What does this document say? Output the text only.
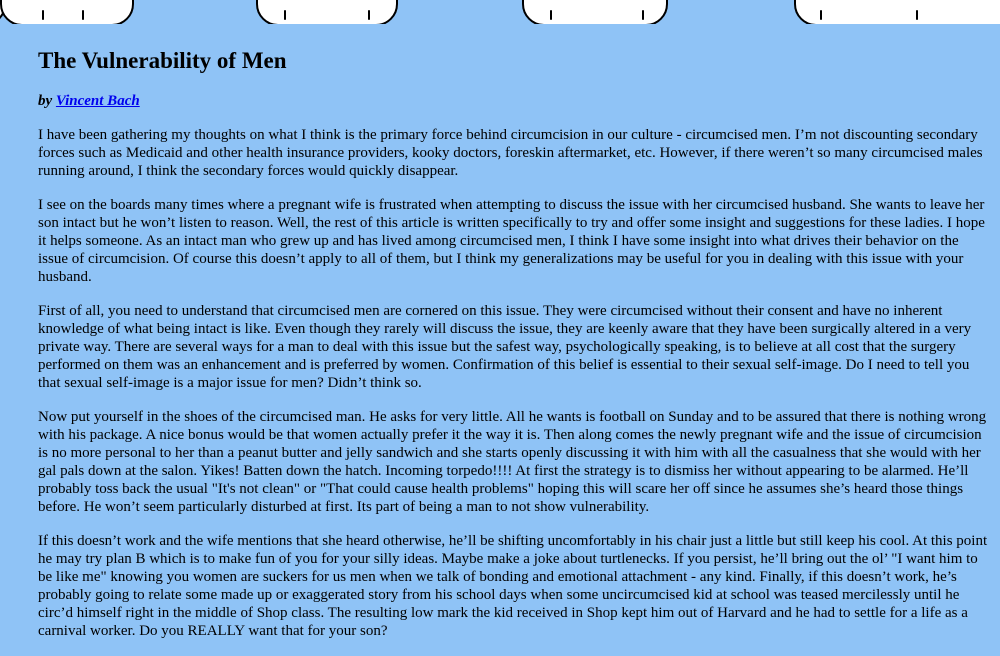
The Vulnerability of Men

by Vincent Bach

I have been gathering my thoughts on what I think is the primary force behind circumcision in our culture - circumcised men. I’m not discounting secondary forces such as Medicaid and other health insurance providers, kooky doctors, foreskin aftermarket, etc. However, if there weren’t so many circumcised males running around, I think the secondary forces would quickly disappear.

I see on the boards many times where a pregnant wife is frustrated when attempting to discuss the issue with her circumcised husband. She wants to leave her son intact but he won’t listen to reason. Well, the rest of this article is written specifically to try and offer some insight and suggestions for these ladies. I hope it helps someone. As an intact man who grew up and has lived among circumcised men, I think I have some insight into what drives their behavior on the issue of circumcision. Of course this doesn’t apply to all of them, but I think my generalizations may be useful for you in dealing with this issue with your husband.

First of all, you need to understand that circumcised men are cornered on this issue. They were circumcised without their consent and have no inherent knowledge of what being intact is like. Even though they rarely will discuss the issue, they are keenly aware that they have been surgically altered in a very private way. There are several ways for a man to deal with this issue but the safest way, psychologically speaking, is to believe at all cost that the surgery performed on them was an enhancement and is preferred by women. Confirmation of this belief is essential to their sexual self-image. Do I need to tell you that sexual self-image is a major issue for men? Didn’t think so.

Now put yourself in the shoes of the circumcised man. He asks for very little. All he wants is football on Sunday and to be assured that there is nothing wrong with his package. A nice bonus would be that women actually prefer it the way it is. Then along comes the newly pregnant wife and the issue of circumcision is no more personal to her than a peanut butter and jelly sandwich and she starts openly discussing it with him with all the casualness that she would with her gal pals down at the salon. Yikes! Batten down the hatch. Incoming torpedo!!!! At first the strategy is to dismiss her without appearing to be alarmed. He’ll probably toss back the usual "It's not clean" or "That could cause health problems" hoping this will scare her off since he assumes she’s heard those things before. He won’t seem particularly disturbed at first. Its part of being a man to not show vulnerability.

If this doesn’t work and the wife mentions that she heard otherwise, he’ll be shifting uncomfortably in his chair just a little but still keep his cool. At this point he may try plan B which is to make fun of you for your silly ideas. Maybe make a joke about turtlenecks. If you persist, he’ll bring out the ol’ "I want him to be like me" knowing you women are suckers for us men when we talk of bonding and emotional attachment - any kind. Finally, if this doesn’t work, he’s probably going to relate some made up or exaggerated story from his school days when some uncircumcised kid at school was teased mercilessly until he circ’d himself right in the middle of Shop class. The resulting low mark the kid received in Shop kept him out of Harvard and he had to settle for a life as a carnival worker. Do you REALLY want that for your son?
